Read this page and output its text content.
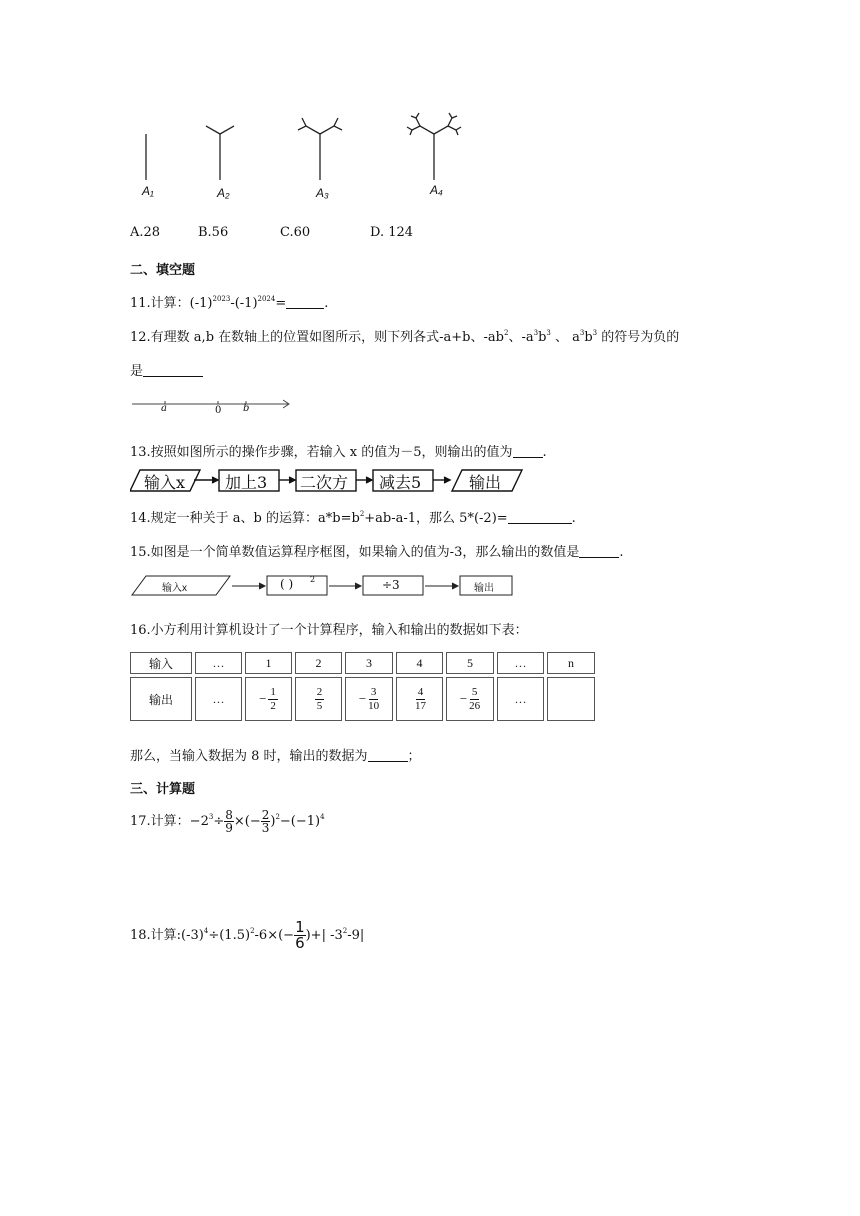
A₁	A₂	A₃	A₄
A.28	B.56	C.60	D. 124
二、填空题
11.计算：$(-1)^{2023}-(-1)^{2024}=$	.
12.有理数 a,b 在数轴上的位置如图所示，则下列各式-a+b、$-ab^2$、$-a^3b^3$ 、 $a^3b^3$ 的符号为负的
是
a	0 b
13.按照如图所示的操作步骤，若输入 x 的值为－5，则输出的值为 .
输入x 加上3 二次方 减去5	输出
14.规定一种关于 a、b 的运算：$a*b=b^2+ab-a-1$，那么 5*(-2)=	.
15.如图是一个简单数值运算程序框图，如果输入的值为-3，那么输出的数值是	.
输入x	( ) 2	÷3	输出
16.小方利用计算机设计了一个计算程序，输入和输出的数据如下表：
输入	…	1	2	3	4	5	…	n
输出	…	− $\frac{1}{2}$	$\frac{2}{5}$	− $\frac{3}{10}$	$\frac{4}{17}$	− $\frac{5}{26}$	…	
那么，当输入数据为 8 时，输出的数据为	；
三、计算题
17.计算：$-2^3\div \frac{8}{9}$ ×(− $\frac{2}{3} )^2-(-1)^4$
18.计算$:(-3)^4\div(1.5)^2-6\times(- \frac{1}{6}$ )+| $-3^2-9|$
